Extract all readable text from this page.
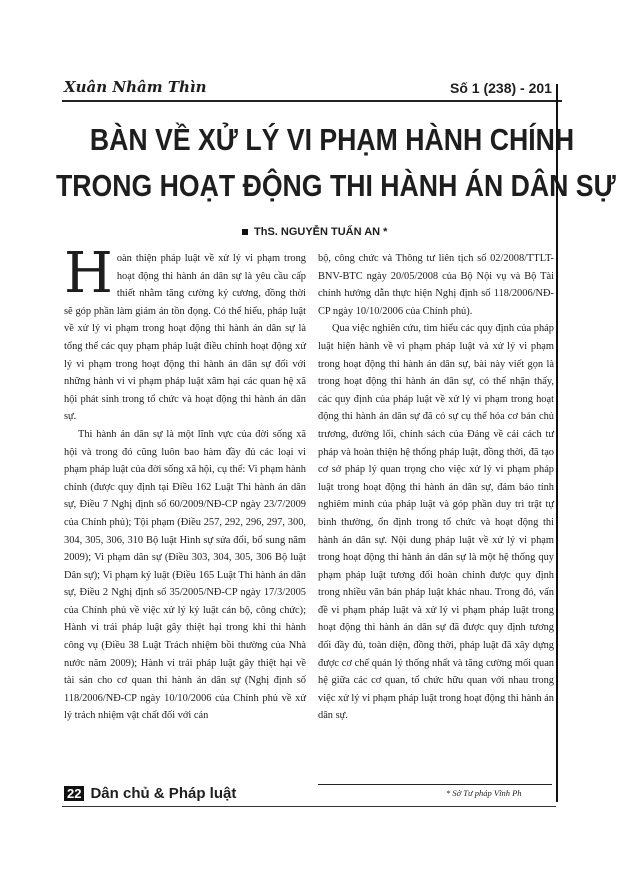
Xuân Nhâm Thìn	Số 1 (238) - 201
BÀN VỀ XỬ LÝ VI PHẠM HÀNH CHÍNH
TRONG HOẠT ĐỘNG THI HÀNH ÁN DÂN SỰ
ThS. NGUYỄN TUẤN AN *
H oàn thiện pháp luật về xử lý vi phạm trong hoạt động thi hành án dân sự là yêu cầu cấp thiết nhằm tăng cường kỷ cương, đồng thời sẽ góp phần làm giảm án tồn đọng. Có thể hiểu, pháp luật về xử lý vi phạm trong hoạt động thi hành án dân sự là tổng thể các quy phạm pháp luật điều chỉnh hoạt động xử lý vi phạm trong hoạt động thi hành án dân sự đối với những hành vi vi phạm pháp luật xâm hại các quan hệ xã hội phát sinh trong tổ chức và hoạt động thi hành án dân sự.

Thi hành án dân sự là một lĩnh vực của đời sống xã hội và trong đó cũng luôn bao hàm đầy đủ các loại vi phạm pháp luật của đời sống xã hội, cụ thể: Vi phạm hành chính (được quy định tại Điều 162 Luật Thi hành án dân sự, Điều 7 Nghị định số 60/2009/NĐ-CP ngày 23/7/2009 của Chính phủ); Tội phạm (Điều 257, 292, 296, 297, 300, 304, 305, 306, 310 Bộ luật Hình sự sửa đổi, bổ sung năm 2009); Vi phạm dân sự (Điều 303, 304, 305, 306 Bộ luật Dân sự); Vi phạm kỷ luật (Điều 165 Luật Thi hành án dân sự, Điều 2 Nghị định số 35/2005/NĐ-CP ngày 17/3/2005 của Chính phủ về việc xử lý kỷ luật cán bộ, công chức); Hành vi trái pháp luật gây thiệt hại trong khi thi hành công vụ (Điều 38 Luật Trách nhiệm bồi thường của Nhà nước năm 2009); Hành vi trái pháp luật gây thiệt hại về tài sản cho cơ quan thi hành án dân sự (Nghị định số 118/2006/NĐ-CP ngày 10/10/2006 của Chính phủ về xử lý trách nhiệm vật chất đối với cán

bộ, công chức và Thông tư liên tịch số 02/2008/TTLT-BNV-BTC ngày 20/05/2008 của Bộ Nội vụ và Bộ Tài chính hướng dẫn thực hiện Nghị định số 118/2006/NĐ-CP ngày 10/10/2006 của Chính phủ).

Qua việc nghiên cứu, tìm hiểu các quy định của pháp luật hiện hành về vi phạm pháp luật và xử lý vi phạm trong hoạt động thi hành án dân sự, bài này viết gọn là trong hoạt động thi hành án dân sự, có thể nhận thấy, các quy định của pháp luật về xử lý vi phạm trong hoạt động thi hành án dân sự đã có sự cụ thể hóa cơ bản chủ trương, đường lối, chính sách của Đảng về cải cách tư pháp và hoàn thiện hệ thống pháp luật, đồng thời, đã tạo cơ sở pháp lý quan trọng cho việc xử lý vi phạm pháp luật trong hoạt động thi hành án dân sự, đảm bảo tính nghiêm minh của pháp luật và góp phần duy trì trật tự bình thường, ổn định trong tổ chức và hoạt động thi hành án dân sự. Nội dung pháp luật về xử lý vi phạm trong hoạt động thi hành án dân sự là một hệ thống quy phạm pháp luật tương đối hoàn chỉnh được quy định trong nhiều văn bản pháp luật khác nhau. Trong đó, vấn đề vi phạm pháp luật và xử lý vi phạm pháp luật trong hoạt động thi hành án dân sự đã được quy định tương đối đầy đủ, toàn diện, đồng thời, pháp luật đã xây dựng được cơ chế quản lý thống nhất và tăng cường mối quan hệ giữa các cơ quan, tổ chức hữu quan với nhau trong việc xử lý vi phạm pháp luật trong hoạt động thi hành án dân sự.

* Sở Tư pháp Vĩnh Ph
22 Dân chủ & Pháp luật
